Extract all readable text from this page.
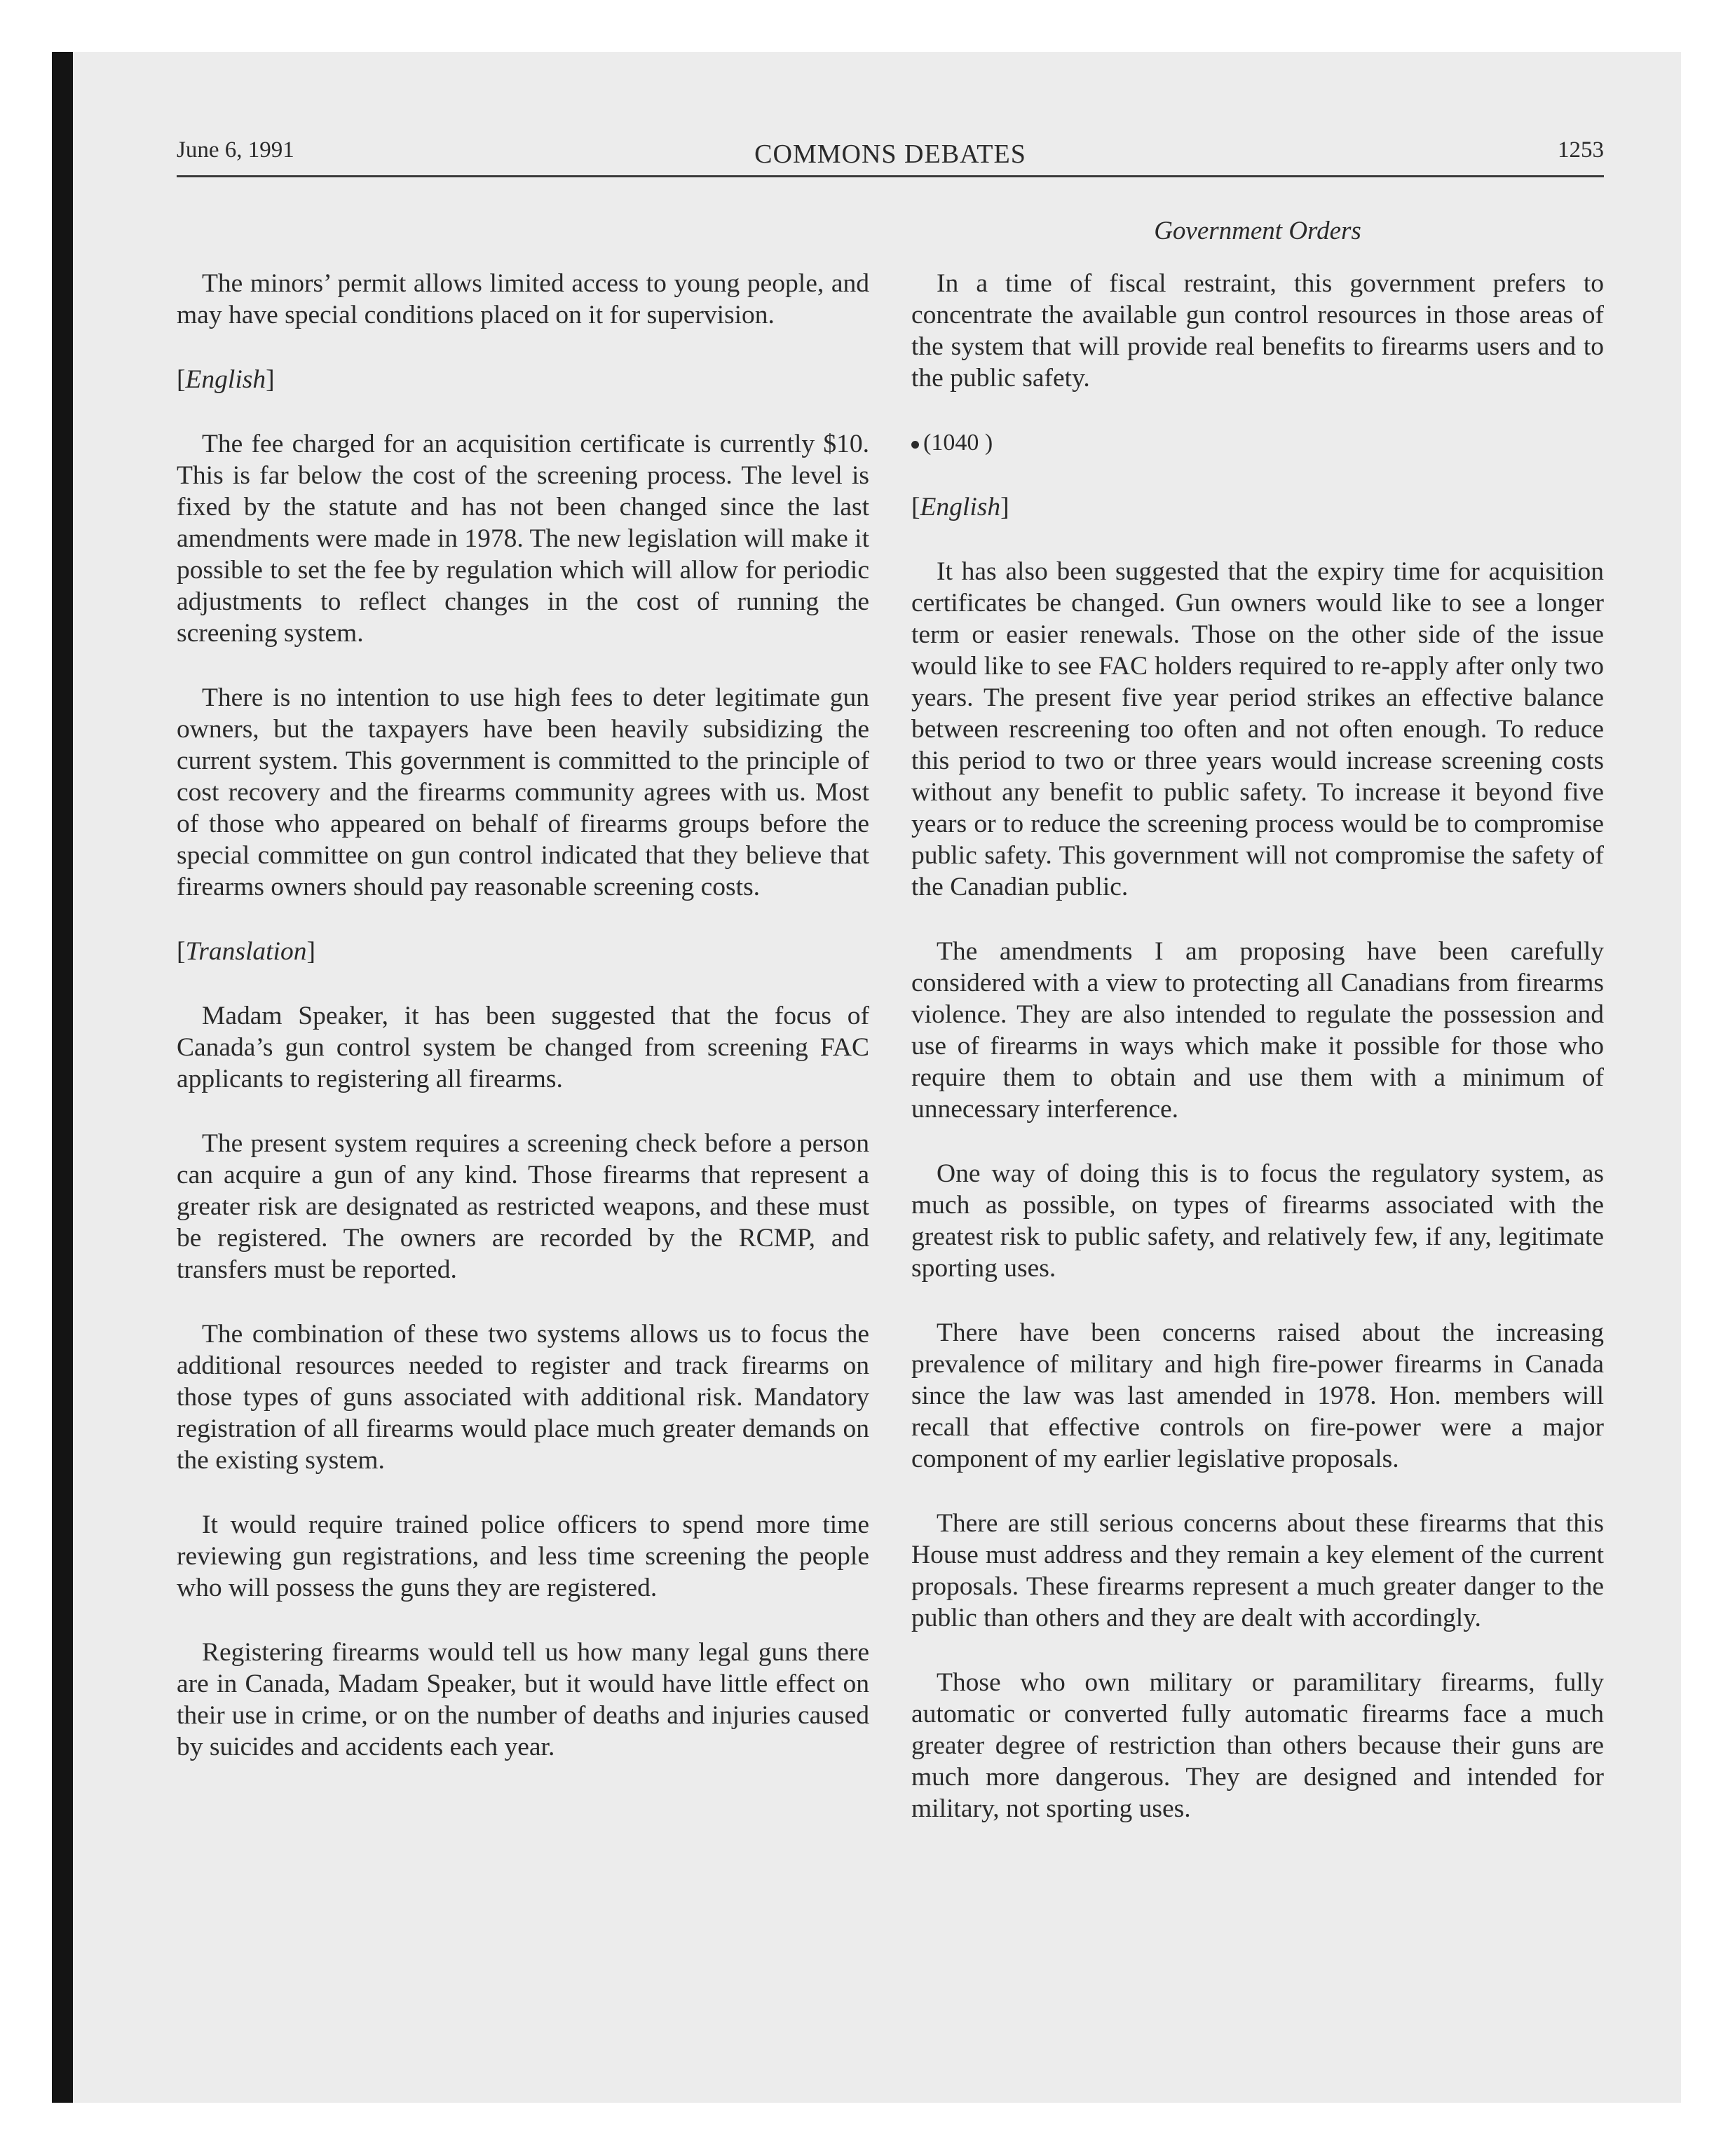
June 6, 1991	COMMONS DEBATES	1253
Government Orders

The minors’ permit allows limited access to young people, and may have special conditions placed on it for supervision.

[English]

The fee charged for an acquisition certificate is currently $10. This is far below the cost of the screening process. The level is fixed by the statute and has not been changed since the last amendments were made in 1978. The new legislation will make it possible to set the fee by regulation which will allow for periodic adjustments to reflect changes in the cost of running the screening system.

There is no intention to use high fees to deter legitimate gun owners, but the taxpayers have been heavily subsidizing the current system. This government is committed to the principle of cost recovery and the firearms community agrees with us. Most of those who appeared on behalf of firearms groups before the special committee on gun control indicated that they believe that firearms owners should pay reasonable screening costs.

[Translation]

Madam Speaker, it has been suggested that the focus of Canada’s gun control system be changed from screening FAC applicants to registering all firearms.

The present system requires a screening check before a person can acquire a gun of any kind. Those firearms that represent a greater risk are designated as restricted weapons, and these must be registered. The owners are recorded by the RCMP, and transfers must be reported.

The combination of these two systems allows us to focus the additional resources needed to register and track firearms on those types of guns associated with additional risk. Mandatory registration of all firearms would place much greater demands on the existing system.

It would require trained police officers to spend more time reviewing gun registrations, and less time screening the people who will possess the guns they are registered.

Registering firearms would tell us how many legal guns there are in Canada, Madam Speaker, but it would have little effect on their use in crime, or on the number of deaths and injuries caused by suicides and accidents each year.

In a time of fiscal restraint, this government prefers to concentrate the available gun control resources in those areas of the system that will provide real benefits to firearms users and to the public safety.

(1040 )

[English]

It has also been suggested that the expiry time for acquisition certificates be changed. Gun owners would like to see a longer term or easier renewals. Those on the other side of the issue would like to see FAC holders required to re-apply after only two years. The present five year period strikes an effective balance between rescreening too often and not often enough. To reduce this period to two or three years would increase screening costs without any benefit to public safety. To increase it beyond five years or to reduce the screening process would be to compromise public safety. This government will not compromise the safety of the Canadian public.

The amendments I am proposing have been carefully considered with a view to protecting all Canadians from firearms violence. They are also intended to regulate the possession and use of firearms in ways which make it possible for those who require them to obtain and use them with a minimum of unnecessary interference.

One way of doing this is to focus the regulatory system, as much as possible, on types of firearms associated with the greatest risk to public safety, and relatively few, if any, legitimate sporting uses.

There have been concerns raised about the increasing prevalence of military and high fire-power firearms in Canada since the law was last amended in 1978. Hon. members will recall that effective controls on fire-power were a major component of my earlier legislative proposals.

There are still serious concerns about these firearms that this House must address and they remain a key element of the current proposals. These firearms represent a much greater danger to the public than others and they are dealt with accordingly.

Those who own military or paramilitary firearms, fully automatic or converted fully automatic firearms face a much greater degree of restriction than others because their guns are much more dangerous. They are designed and intended for military, not sporting uses.
